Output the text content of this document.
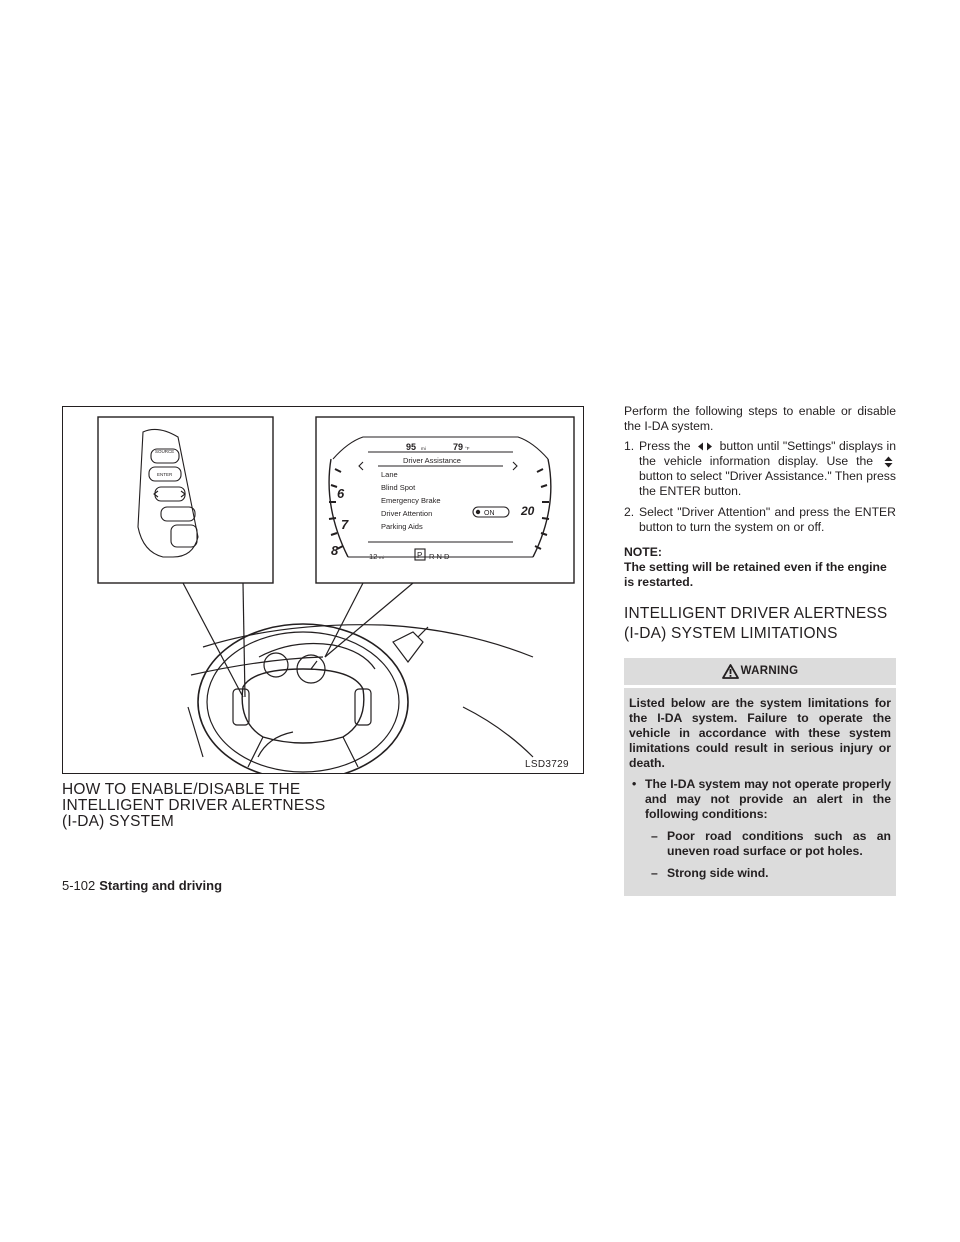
SOURCE
ENTER
95 mi	79 °F
Driver Assistance
Lane
Blind Spot
Emergency Brake
Driver Attention
Parking Aids
ON
12 mi	P R N D
6
7
8
20
LSD3729
HOW TO ENABLE/DISABLE THE
INTELLIGENT DRIVER ALERTNESS
(I-DA) SYSTEM

Perform the following steps to enable or disable the I-DA system.

1. Press the button until "Settings" displays in the vehicle information display. Use the  button to select "Driver Assistance." Then press the ENTER button.
2. Select "Driver Attention" and press the ENTER button to turn the system on or off.
NOTE:
The setting will be retained even if the engine is restarted.
INTELLIGENT DRIVER ALERTNESS
(I-DA) SYSTEM LIMITATIONS
WARNING
Listed below are the system limitations for the I-DA system. Failure to operate the vehicle in accordance with these system limitations could result in serious injury or death.
• The I-DA system may not operate properly and may not provide an alert in the following conditions:
– Poor road conditions such as an uneven road surface or pot holes.
– Strong side wind.
5-102 Starting and driving
